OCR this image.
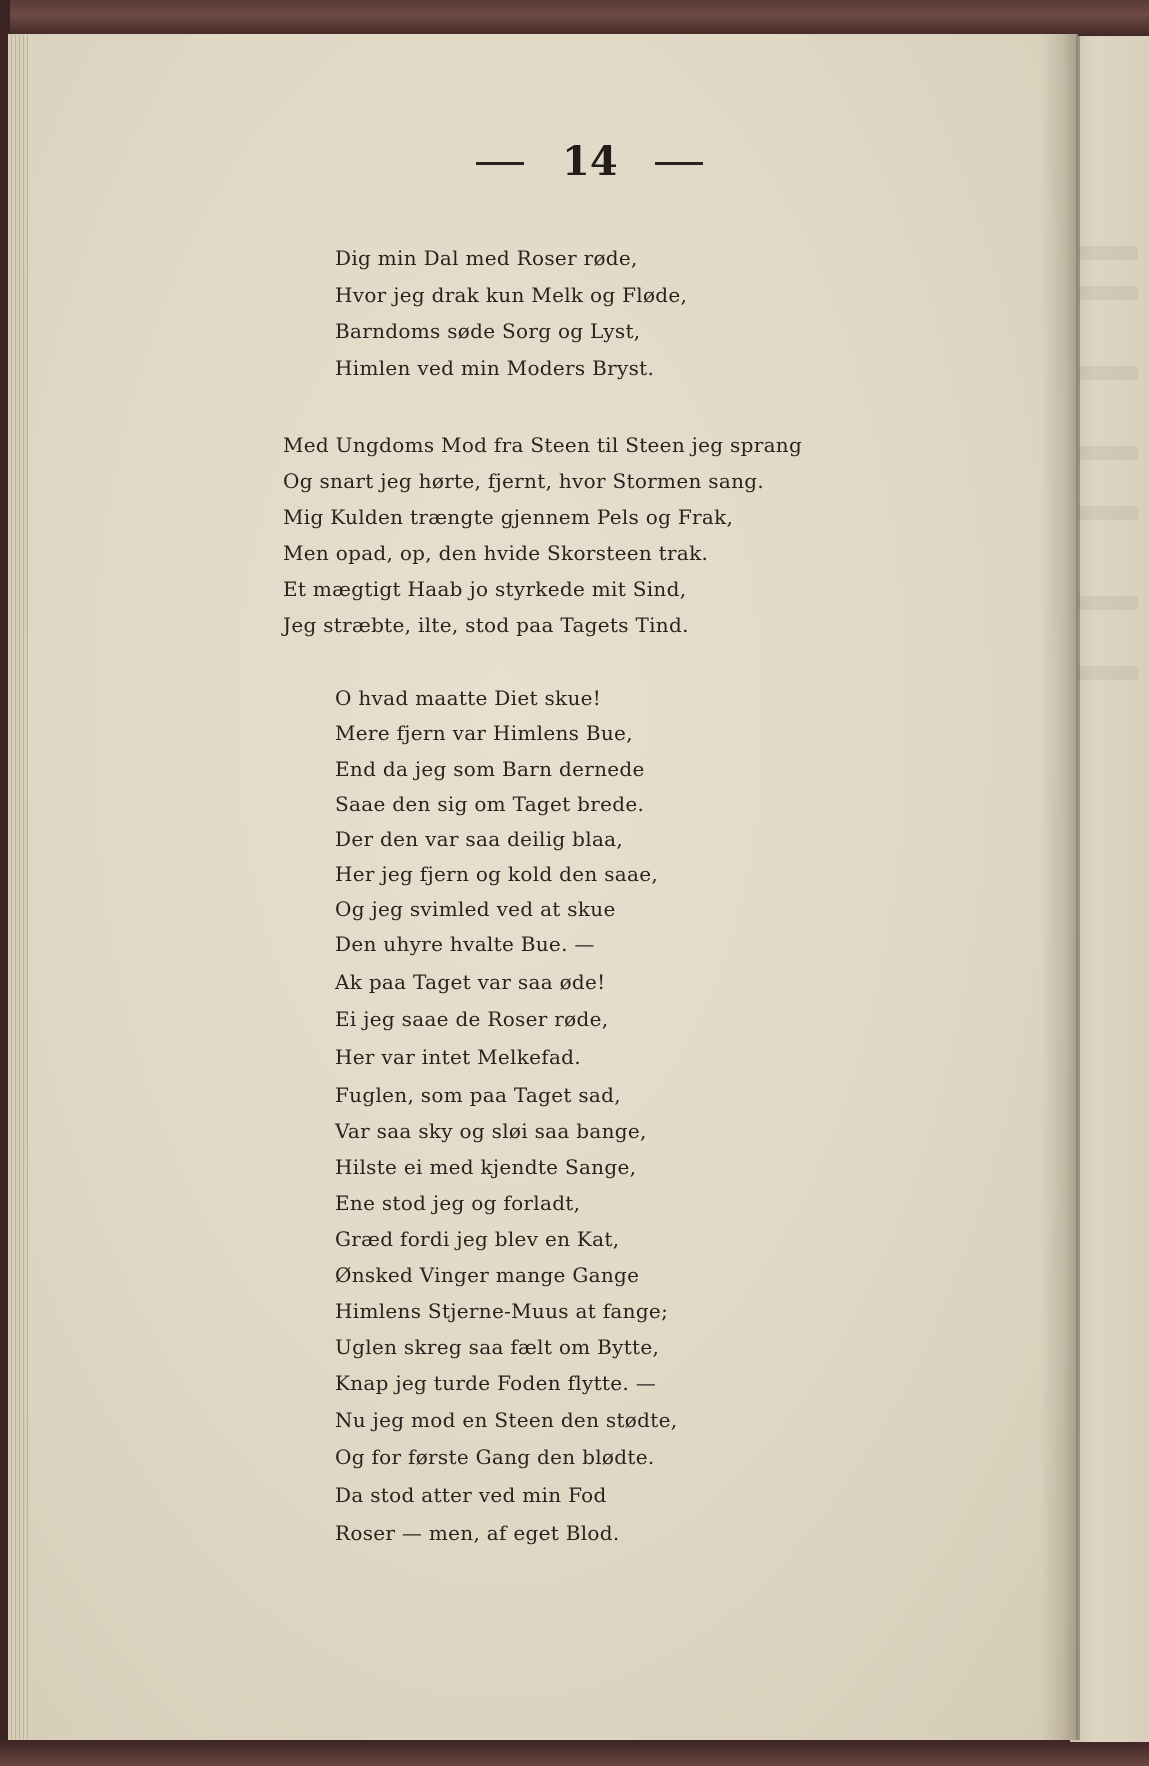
14
Dig min Dal med Roser røde,
Hvor jeg drak kun Melk og Fløde,
Barndoms søde Sorg og Lyst,
Himlen ved min Moders Bryst.
Med Ungdoms Mod fra Steen til Steen jeg sprang
Og snart jeg hørte, fjernt, hvor Stormen sang.
Mig Kulden trængte gjennem Pels og Frak,
Men opad, op, den hvide Skorsteen trak.
Et mægtigt Haab jo styrkede mit Sind,
Jeg stræbte, ilte, stod paa Tagets Tind.
O hvad maatte Diet skue!
Mere fjern var Himlens Bue,
End da jeg som Barn dernede
Saae den sig om Taget brede.
Der den var saa deilig blaa,
Her jeg fjern og kold den saae,
Og jeg svimled ved at skue
Den uhyre hvalte Bue. —
Ak paa Taget var saa øde!
Ei jeg saae de Roser røde,
Her var intet Melkefad.
Fuglen, som paa Taget sad,
Var saa sky og sløi saa bange,
Hilste ei med kjendte Sange,
Ene stod jeg og forladt,
Græd fordi jeg blev en Kat,
Ønsked Vinger mange Gange
Himlens Stjerne-Muus at fange;
Uglen skreg saa fælt om Bytte,
Knap jeg turde Foden flytte. —
Nu jeg mod en Steen den stødte,
Og for første Gang den blødte.
Da stod atter ved min Fod
Roser — men, af eget Blod.
